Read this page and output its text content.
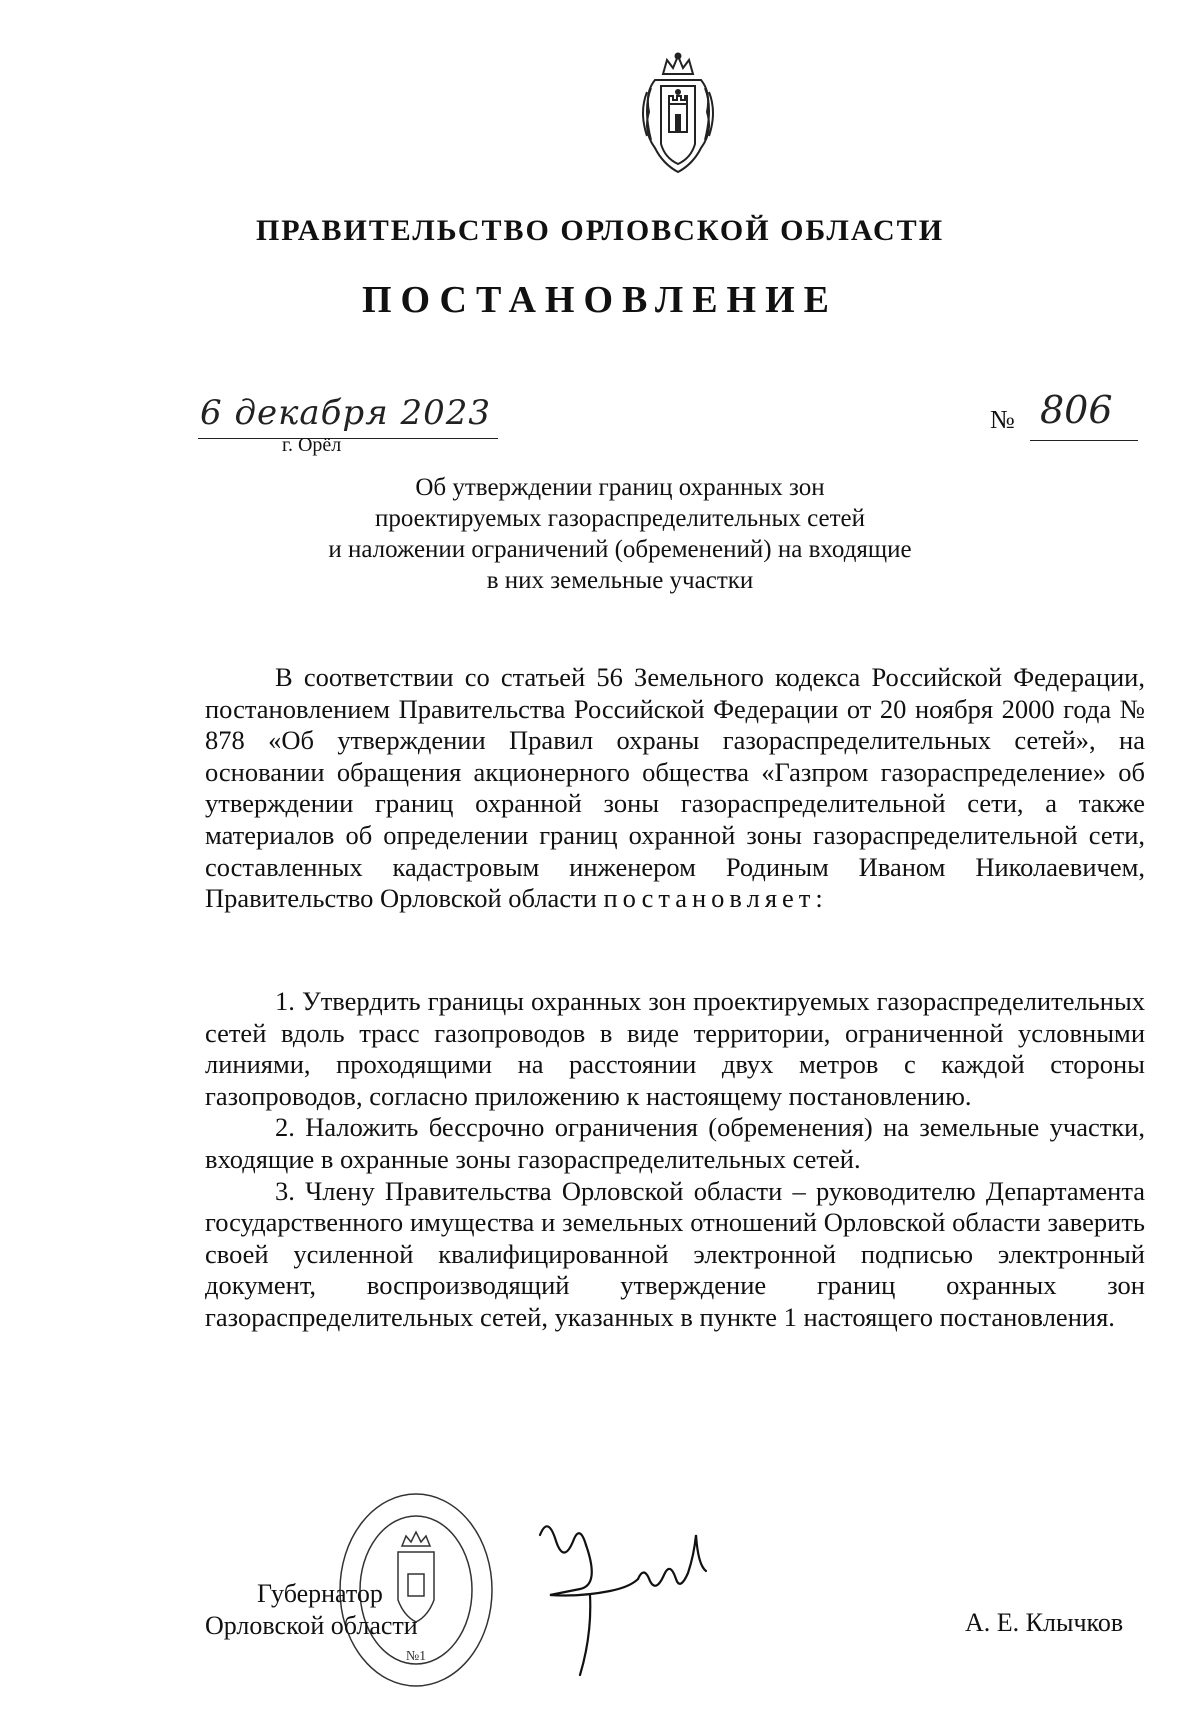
ПРАВИТЕЛЬСТВО ОРЛОВСКОЙ ОБЛАСТИ
ПОСТАНОВЛЕНИЕ
6 декабря 2023
г. Орёл
№ 806
Об утверждении границ охранных зон
проектируемых газораспределительных сетей
и наложении ограничений (обременений) на входящие
в них земельные участки

В соответствии со статьей 56 Земельного кодекса Российской Федерации, постановлением Правительства Российской Федерации от 20 ноября 2000 года № 878 «Об утверждении Правил охраны газораспределительных сетей», на основании обращения акционерного общества «Газпром газораспределение» об утверждении границ охранной зоны газораспределительной сети, а также материалов об определении границ охранной зоны газораспределительной сети, составленных кадастровым инженером Родиным Иваном Николаевичем, Правительство Орловской области постановляет:

1. Утвердить границы охранных зон проектируемых газораспределительных сетей вдоль трасс газопроводов в виде территории, ограниченной условными линиями, проходящими на расстоянии двух метров с каждой стороны газопроводов, согласно приложению к настоящему постановлению.

2. Наложить бессрочно ограничения (обременения) на земельные участки, входящие в охранные зоны газораспределительных сетей.

3. Члену Правительства Орловской области – руководителю Департамента государственного имущества и земельных отношений Орловской области заверить своей усиленной квалифицированной электронной подписью электронный документ, воспроизводящий утверждение границ охранных зон газораспределительных сетей, указанных в пункте 1 настоящего постановления.

№1
Губернатор
Орловской области	А. Е. Клычков
